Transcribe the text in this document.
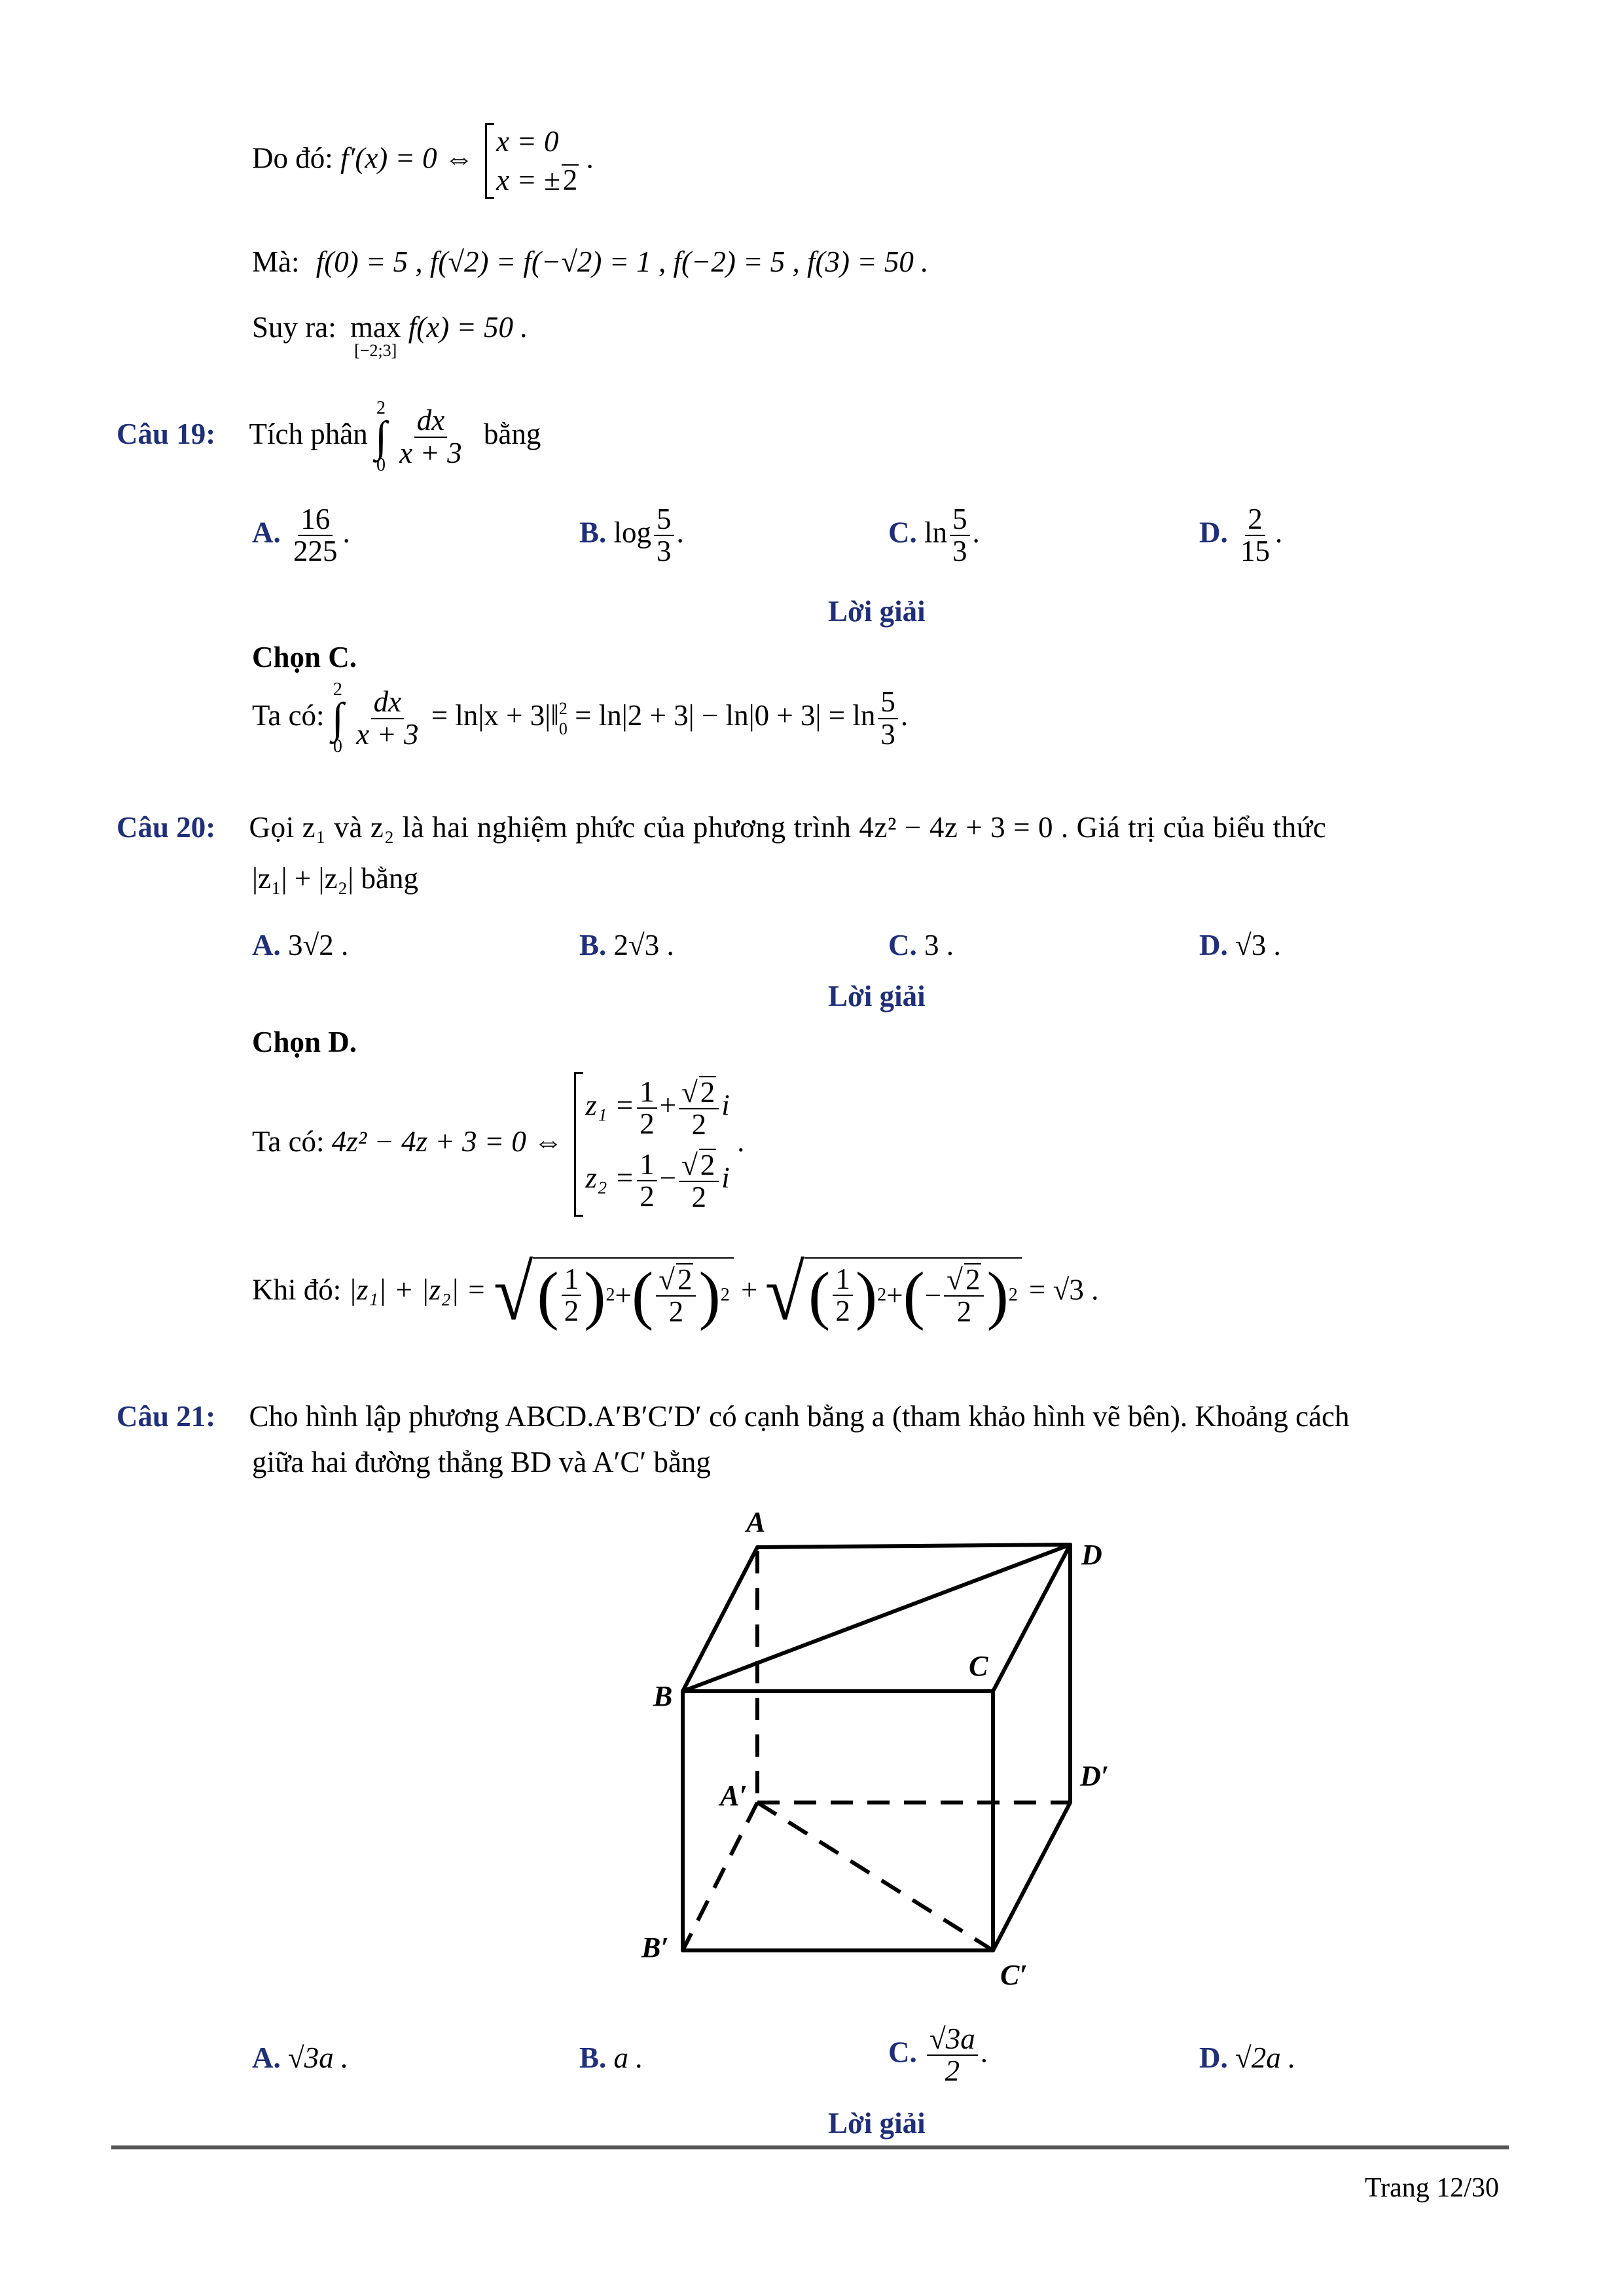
Do đó: f′(x) = 0 ⇔
x = 0
x = ±2
.
Mà: f(0) = 5 , f(√2) = f(−√2) = 1 , f(−2) = 5 , f(3) = 50 .
Suy ra: max
[−2;3]
f(x) = 50 .
Câu 19: Tích phân
2
∫
0
$\frac{dx}{x + 3}$ bằng
A. $\frac{16}{225}$ .	B. $\log \frac{5}{3}$ .	C. $\ln \frac{5}{3}$ .	D. $\frac{2}{15}$ .
Lời giải
Chọn C.
Ta có:
2
∫
0
$\frac{dx}{x + 3} = \ln|x$ + 3|‖ 2
$0 = \ln|2 + 3| - \ln|0 + 3| = \ln \frac{5}{3}$ .
Câu 20: Gọi z₁ và z₂ là hai nghiệm phức của phương trình 4z² − 4z + 3 = 0 . Giá trị của biểu thức
|z₁| + |z₂| bằng
A. 3√2 .	B. 2√3 .	C. 3 .	D. √3 .
Lời giải
Chọn D.
Ta có: 4z² − 4z + 3 = 0 ⇔
$z_1 = \frac{1}{2} + \frac{√2}{2}$ i
$z_2 = \frac{1}{2} - \frac{√2}{2}$ i
.
Khi đó: |z₁| + |z₂| = √ ( $\frac{1}{2}$ ) 2 + ( $\frac{√2}{2}$ ) 2 + √ ( $\frac{1}{2}$ ) 2 + ( − $\frac{√2}{2}$ ) 2 = √3 .
Câu 21: Cho hình lập phương ABCD.A′B′C′D′ có cạnh bằng a (tham khảo hình vẽ bên). Khoảng cách
giữa hai đường thẳng BD và A′C′ bằng
A
D
C
B
A′
D′
B′
C′
A. √3a .	B. a .	C. $\frac{√3a}{2}$ .	D. √2a .
Lời giải
Trang 12/30
